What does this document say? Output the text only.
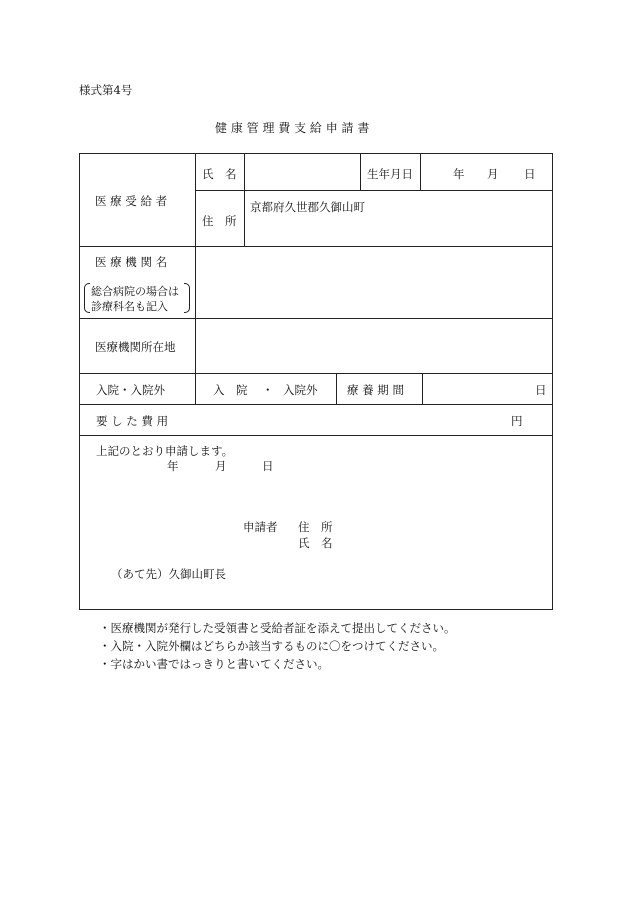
様式第4号
健 康 管 理 費 支 給 申 請 書
医 療 受 給 者
氏　名	生年月日	年 月 日
住　所
京都府久世郡久御山町
医 療 機 関 名
総合病院の場合は
診療科名も記入
医療機関所在地
入院・入院外	入　院 ・ 入院外	療 養 期 間	日
要 し た 費 用	円
上記のとおり申請します。
年	月	日
申請者 住　所
氏　名
（あて先）久御山町長
・医療機関が発行した受領書と受給者証を添えて提出してください。
・入院・入院外欄はどちらか該当するものに〇をつけてください。
・字はかい書ではっきりと書いてください。
